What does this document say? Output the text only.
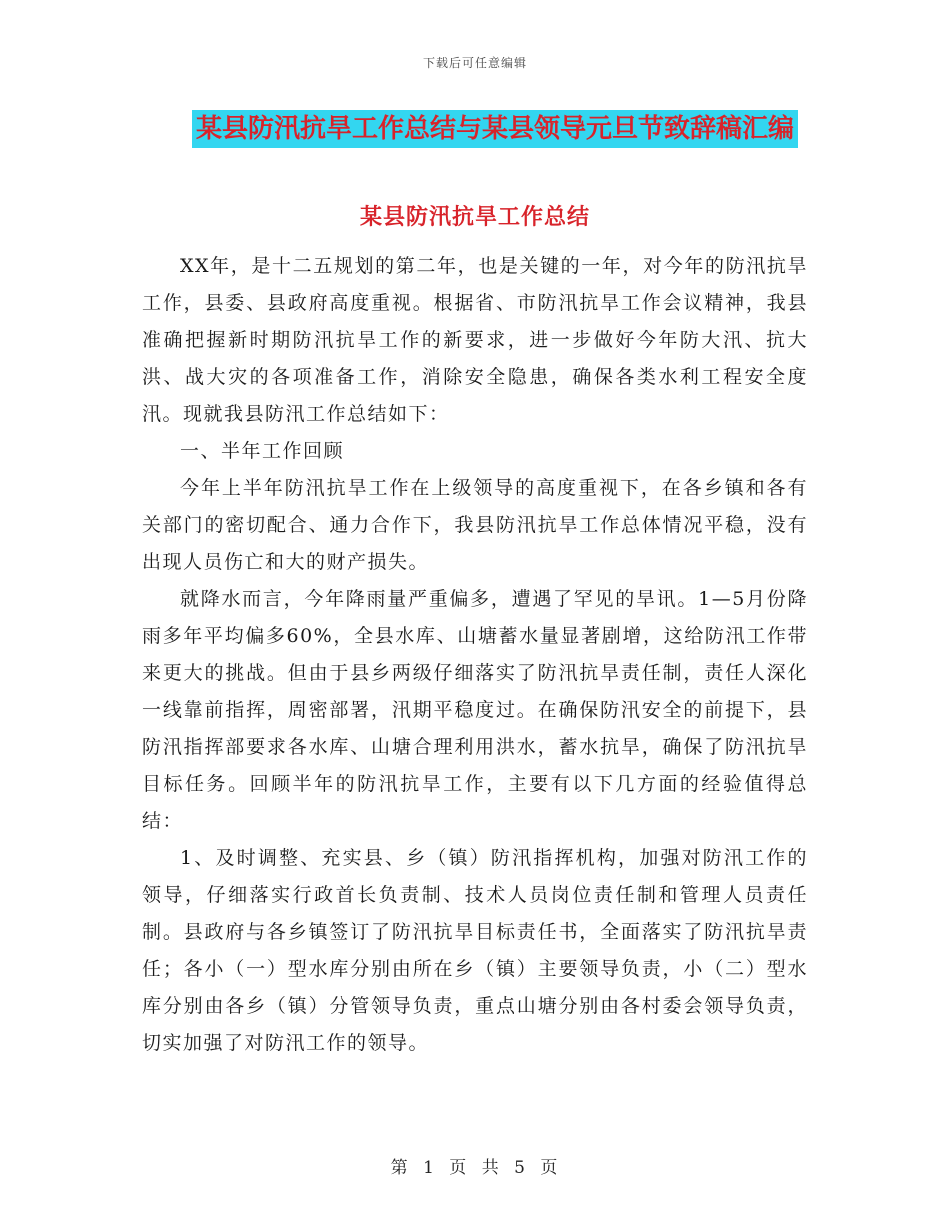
下载后可任意编辑
某县防汛抗旱工作总结与某县领导元旦节致辞稿汇编
某县防汛抗旱工作总结

XX年，是十二五规划的第二年，也是关键的一年，对今年的防汛抗旱工作，县委、县政府高度重视。根据省、市防汛抗旱工作会议精神，我县准确把握新时期防汛抗旱工作的新要求，进一步做好今年防大汛、抗大洪、战大灾的各项准备工作，消除安全隐患，确保各类水利工程安全度汛。现就我县防汛工作总结如下：

一、半年工作回顾

今年上半年防汛抗旱工作在上级领导的高度重视下，在各乡镇和各有关部门的密切配合、通力合作下，我县防汛抗旱工作总体情况平稳，没有出现人员伤亡和大的财产损失。

就降水而言，今年降雨量严重偏多，遭遇了罕见的旱讯。1—5月份降雨多年平均偏多60%，全县水库、山塘蓄水量显著剧增，这给防汛工作带来更大的挑战。但由于县乡两级仔细落实了防汛抗旱责任制，责任人深化一线靠前指挥，周密部署，汛期平稳度过。在确保防汛安全的前提下，县防汛指挥部要求各水库、山塘合理利用洪水，蓄水抗旱，确保了防汛抗旱目标任务。回顾半年的防汛抗旱工作，主要有以下几方面的经验值得总结：

1、及时调整、充实县、乡（镇）防汛指挥机构，加强对防汛工作的领导，仔细落实行政首长负责制、技术人员岗位责任制和管理人员责任制。县政府与各乡镇签订了防汛抗旱目标责任书，全面落实了防汛抗旱责任；各小（一）型水库分别由所在乡（镇）主要领导负责，小（二）型水库分别由各乡（镇）分管领导负责，重点山塘分别由各村委会领导负责，切实加强了对防汛工作的领导。

第 1 页 共 5 页
